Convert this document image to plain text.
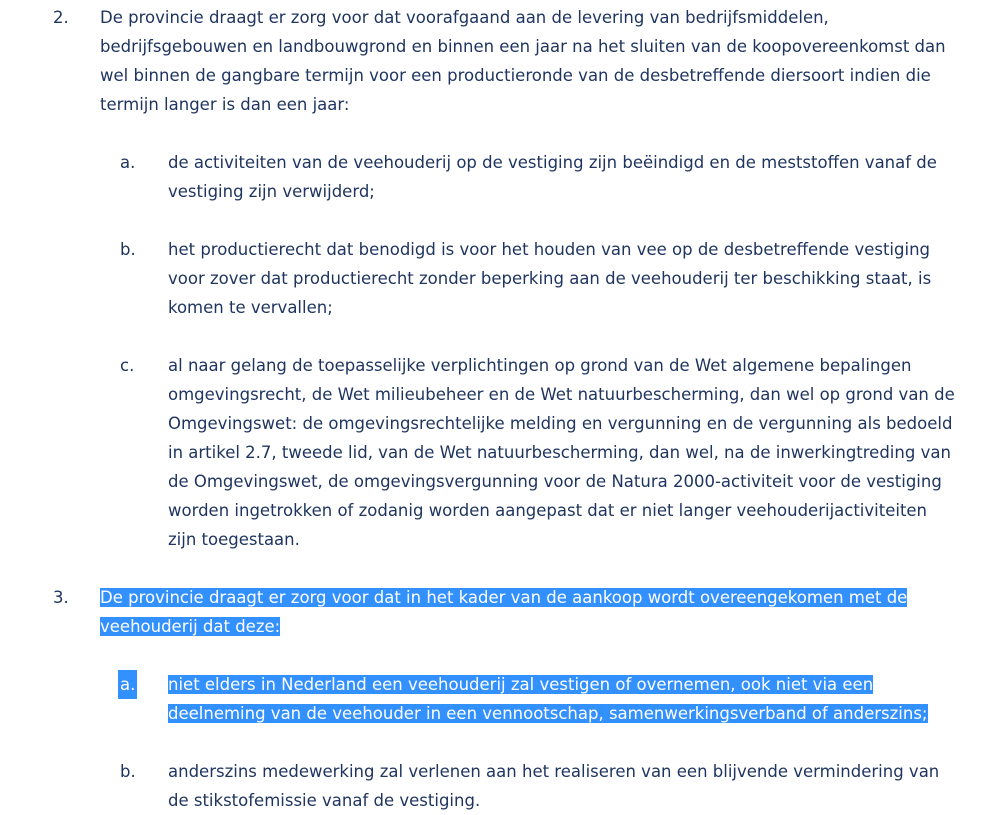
2. De provincie draagt er zorg voor dat voorafgaand aan de levering van bedrijfsmiddelen, bedrijfsgebouwen en landbouwgrond en binnen een jaar na het sluiten van de koopovereenkomst dan wel binnen de gangbare termijn voor een productieronde van de desbetreffende diersoort indien die termijn langer is dan een jaar:
a. de activiteiten van de veehouderij op de vestiging zijn beëindigd en de meststoffen vanaf de vestiging zijn verwijderd;
b. het productierecht dat benodigd is voor het houden van vee op de desbetreffende vestiging voor zover dat productierecht zonder beperking aan de veehouderij ter beschikking staat, is komen te vervallen;
c. al naar gelang de toepasselijke verplichtingen op grond van de Wet algemene bepalingen omgevingsrecht, de Wet milieubeheer en de Wet natuurbescherming, dan wel op grond van de Omgevingswet: de omgevingsrechtelijke melding en vergunning en de vergunning als bedoeld in artikel 2.7, tweede lid, van de Wet natuurbescherming, dan wel, na de inwerkingtreding van de Omgevingswet, de omgevingsvergunning voor de Natura 2000-activiteit voor de vestiging worden ingetrokken of zodanig worden aangepast dat er niet langer veehouderijactiviteiten zijn toegestaan.
3. De provincie draagt er zorg voor dat in het kader van de aankoop wordt overeengekomen met de veehouderij dat deze:
a. niet elders in Nederland een veehouderij zal vestigen of overnemen, ook niet via een deelneming van de veehouder in een vennootschap, samenwerkingsverband of anderszins;
b. anderszins medewerking zal verlenen aan het realiseren van een blijvende vermindering van de stikstofemissie vanaf de vestiging.
